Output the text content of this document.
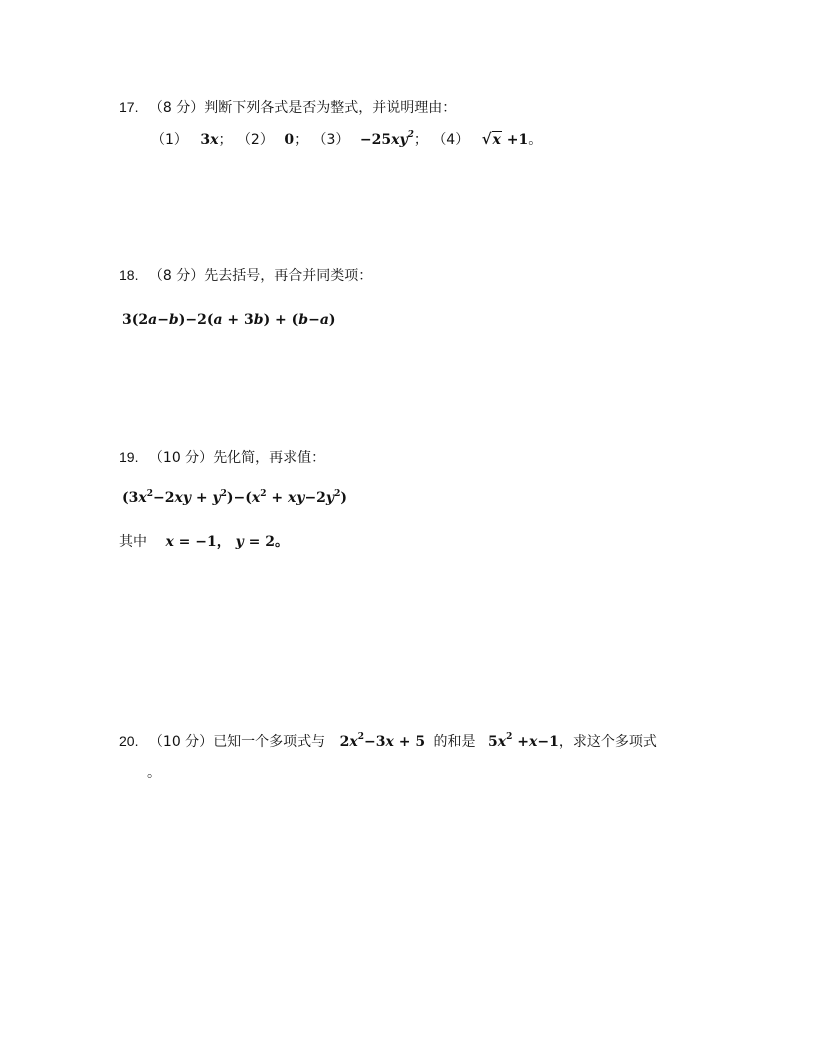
17. （8 分）判断下列各式是否为整式，并说明理由：
（1） 3x； （2） 0； $(3) -25xy^2$； （4） √x +1。
18. （8 分）先去括号，再合并同类项：
3(2a−b)−2(a + 3b) + (b−a)
19. （10 分）先化简，再求值：
$(3x^2-2xy + y^2)-(x^2 + xy-2y^2)$
其中 x = −1， y = 2。
20. （10 分）已知一个多项式与 $2x^2-3x + 5$ 的和是 $5x^2 +x-1$，求这个多项式
。
